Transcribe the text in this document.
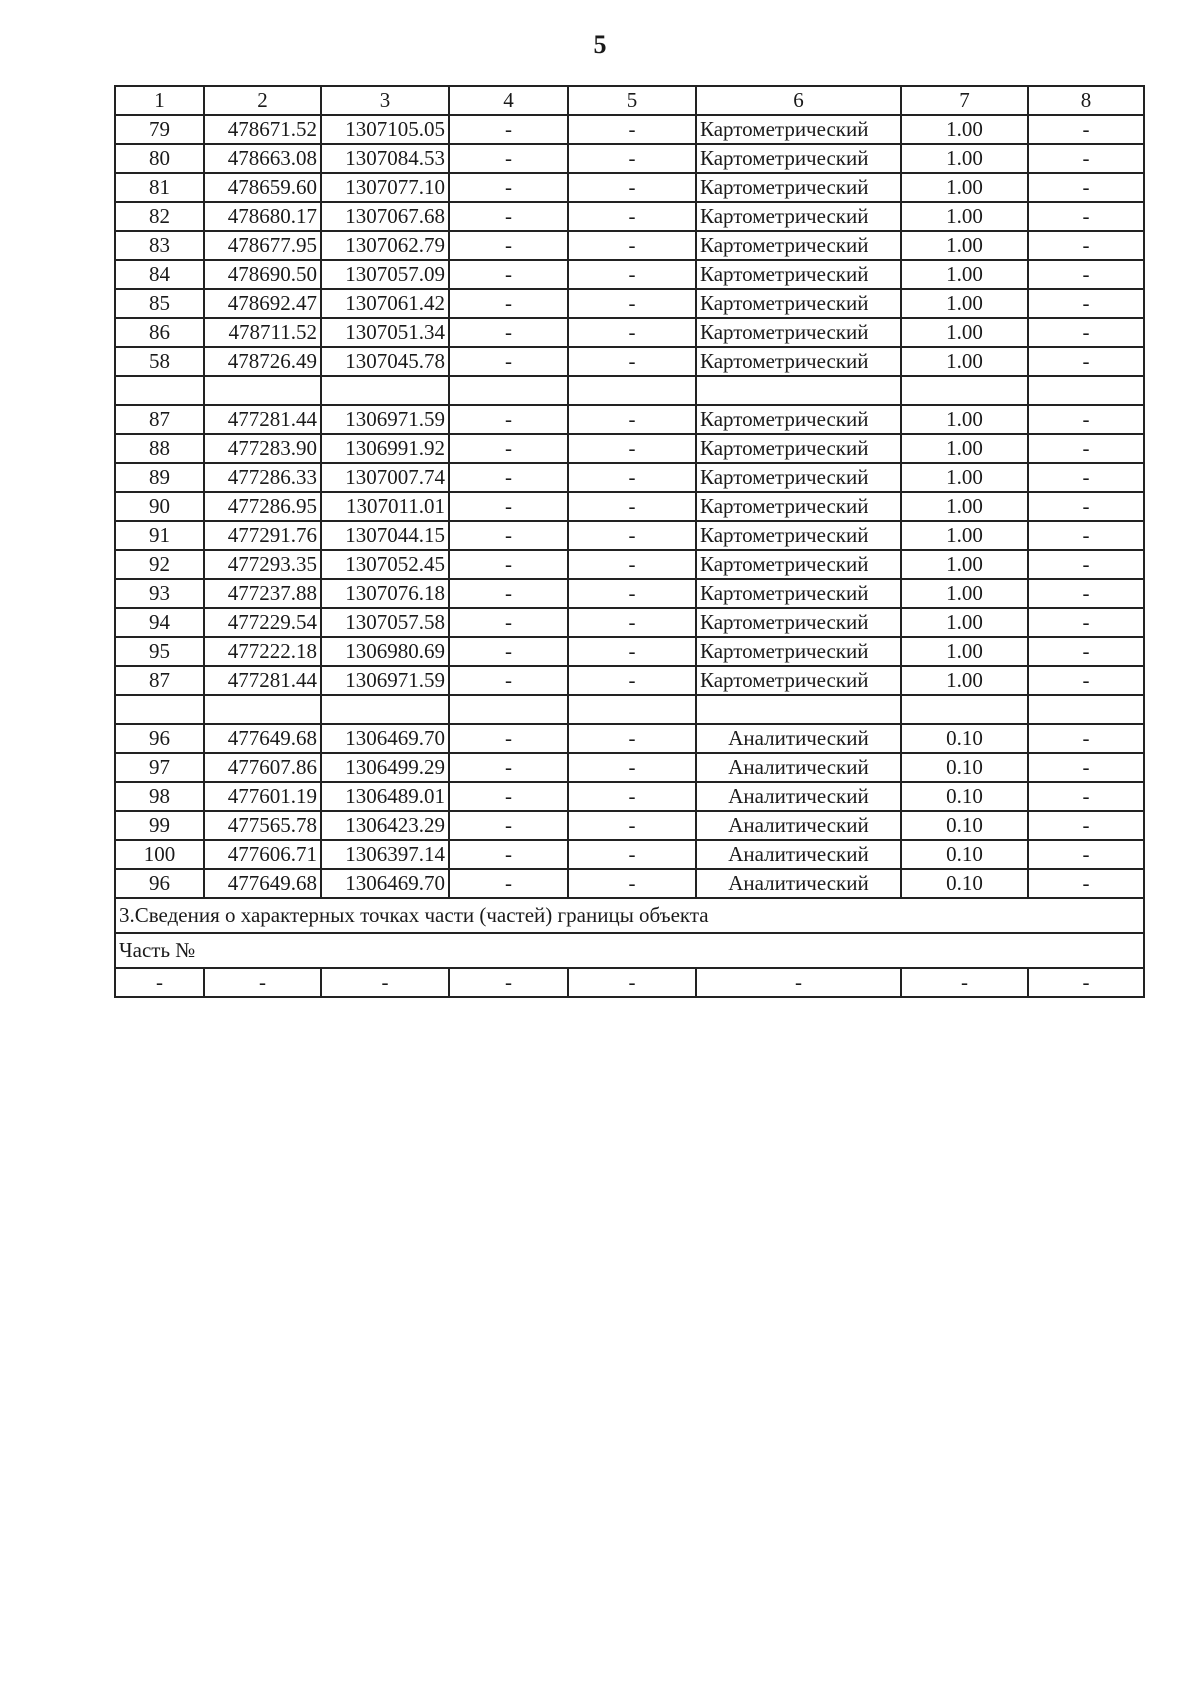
5
1	2	3	4	5	6	7	8
79	478671.52	1307105.05	-	-	Картометрический	1.00	-
80	478663.08	1307084.53	-	-	Картометрический	1.00	-
81	478659.60	1307077.10	-	-	Картометрический	1.00	-
82	478680.17	1307067.68	-	-	Картометрический	1.00	-
83	478677.95	1307062.79	-	-	Картометрический	1.00	-
84	478690.50	1307057.09	-	-	Картометрический	1.00	-
85	478692.47	1307061.42	-	-	Картометрический	1.00	-
86	478711.52	1307051.34	-	-	Картометрический	1.00	-
58	478726.49	1307045.78	-	-	Картометрический	1.00	-

87	477281.44	1306971.59	-	-	Картометрический	1.00	-
88	477283.90	1306991.92	-	-	Картометрический	1.00	-
89	477286.33	1307007.74	-	-	Картометрический	1.00	-
90	477286.95	1307011.01	-	-	Картометрический	1.00	-
91	477291.76	1307044.15	-	-	Картометрический	1.00	-
92	477293.35	1307052.45	-	-	Картометрический	1.00	-
93	477237.88	1307076.18	-	-	Картометрический	1.00	-
94	477229.54	1307057.58	-	-	Картометрический	1.00	-
95	477222.18	1306980.69	-	-	Картометрический	1.00	-
87	477281.44	1306971.59	-	-	Картометрический	1.00	-

96	477649.68	1306469.70	-	-	Аналитический	0.10	-
97	477607.86	1306499.29	-	-	Аналитический	0.10	-
98	477601.19	1306489.01	-	-	Аналитический	0.10	-
99	477565.78	1306423.29	-	-	Аналитический	0.10	-
100	477606.71	1306397.14	-	-	Аналитический	0.10	-
96	477649.68	1306469.70	-	-	Аналитический	0.10	-
3.Сведения о характерных точках части (частей) границы объекта							
Часть №							
-	-	-	-	-	-	-	-
